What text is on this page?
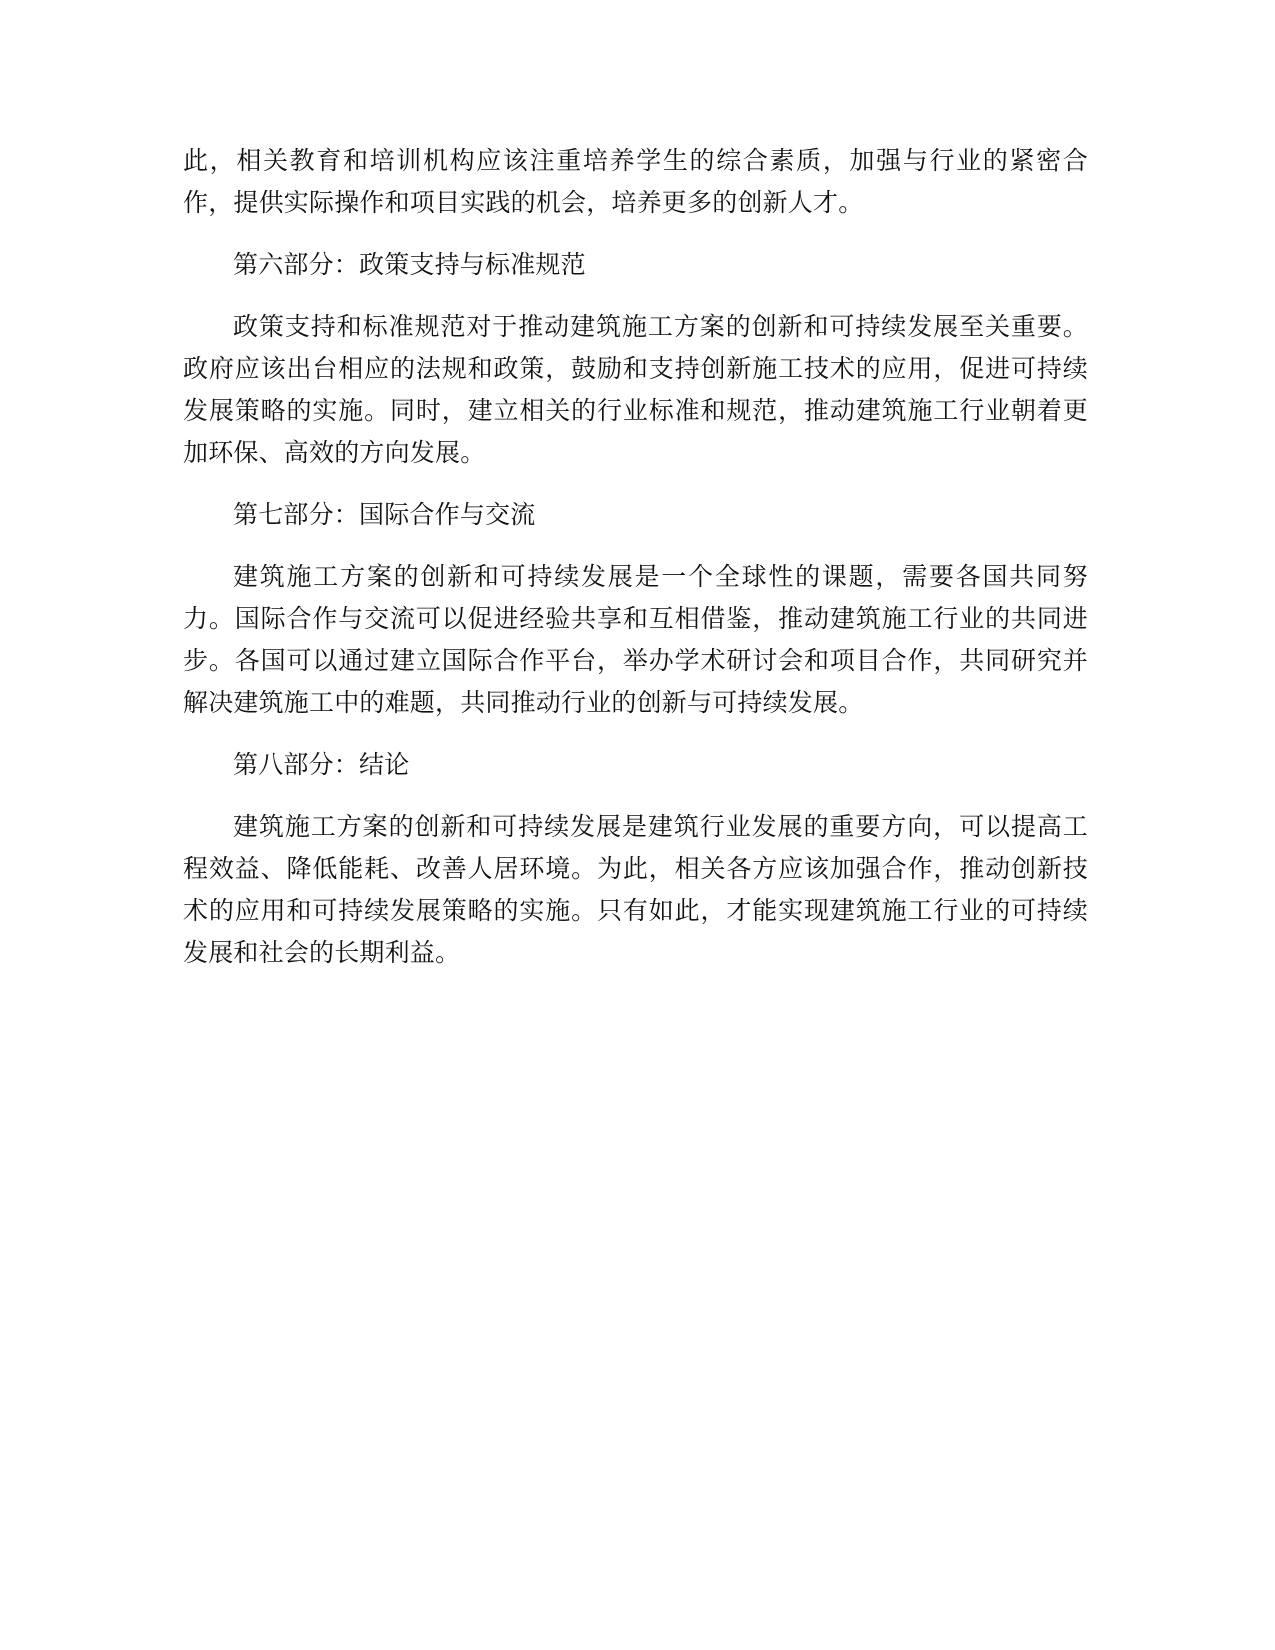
此，相关教育和培训机构应该注重培养学生的综合素质，加强与行业的紧密合作，提供实际操作和项目实践的机会，培养更多的创新人才。

第六部分：政策支持与标准规范

政策支持和标准规范对于推动建筑施工方案的创新和可持续发展至关重要。政府应该出台相应的法规和政策，鼓励和支持创新施工技术的应用，促进可持续发展策略的实施。同时，建立相关的行业标准和规范，推动建筑施工行业朝着更加环保、高效的方向发展。

第七部分：国际合作与交流

建筑施工方案的创新和可持续发展是一个全球性的课题，需要各国共同努力。国际合作与交流可以促进经验共享和互相借鉴，推动建筑施工行业的共同进步。各国可以通过建立国际合作平台，举办学术研讨会和项目合作，共同研究并解决建筑施工中的难题，共同推动行业的创新与可持续发展。

第八部分：结论

建筑施工方案的创新和可持续发展是建筑行业发展的重要方向，可以提高工程效益、降低能耗、改善人居环境。为此，相关各方应该加强合作，推动创新技术的应用和可持续发展策略的实施。只有如此，才能实现建筑施工行业的可持续发展和社会的长期利益。
